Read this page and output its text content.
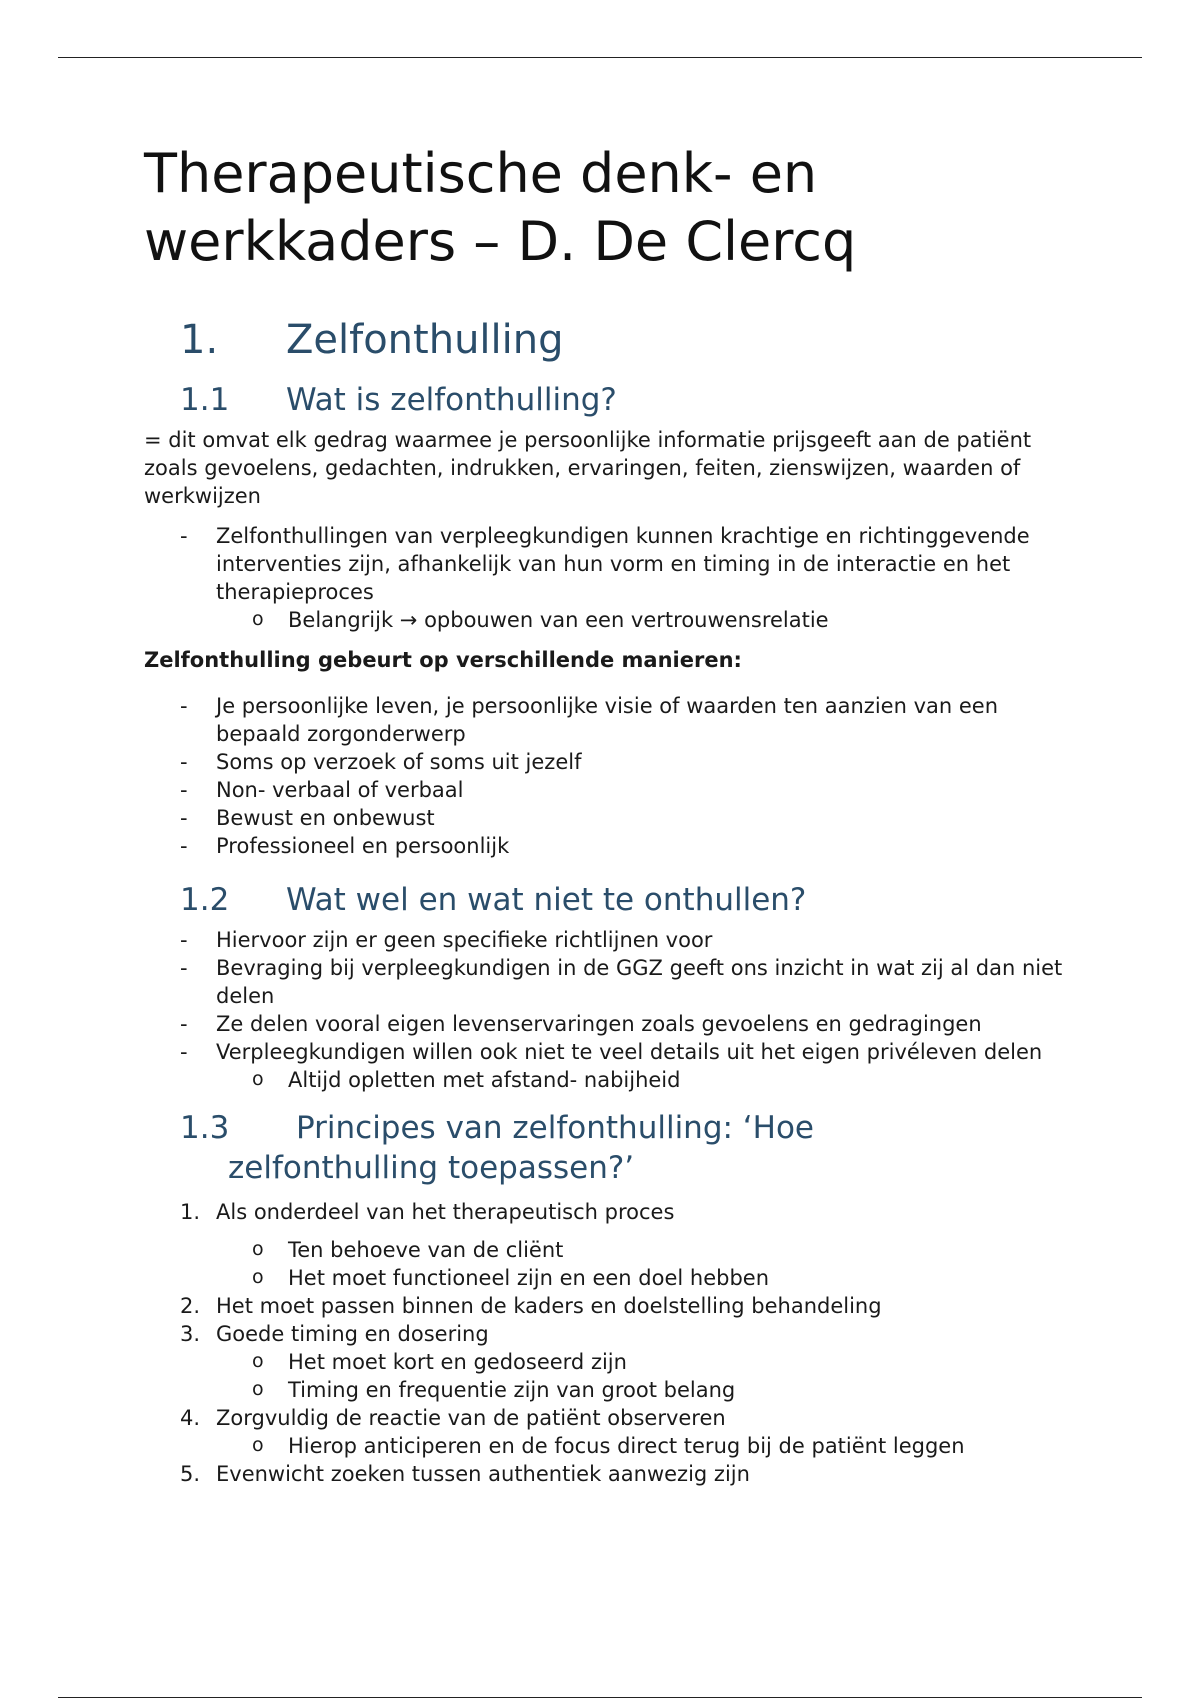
Therapeutische denk- en
werkkaders – D. De Clercq
1.	Zelfonthulling
1.1	Wat is zelfonthulling?

= dit omvat elk gedrag waarmee je persoonlijke informatie prijsgeeft aan de patiënt zoals gevoelens, gedachten, indrukken, ervaringen, feiten, zienswijzen, waarden of werkwijzen

-	Zelfonthullingen van verpleegkundigen kunnen krachtige en richtinggevende interventies zijn, afhankelijk van hun vorm en timing in de interactie en het therapieproces
o Belangrijk → opbouwen van een vertrouwensrelatie

Zelfonthulling gebeurt op verschillende manieren:

-	Je persoonlijke leven, je persoonlijke visie of waarden ten aanzien van een bepaald zorgonderwerp
-	Soms op verzoek of soms uit jezelf
-	Non- verbaal of verbaal
-	Bewust en onbewust
-	Professioneel en persoonlijk
1.2	Wat wel en wat niet te onthullen?
-	Hiervoor zijn er geen specifieke richtlijnen voor
-	Bevraging bij verpleegkundigen in de GGZ geeft ons inzicht in wat zij al dan niet delen
-	Ze delen vooral eigen levenservaringen zoals gevoelens en gedragingen
-	Verpleegkundigen willen ook niet te veel details uit het eigen privéleven delen
o Altijd opletten met afstand- nabijheid
1.3 Principes van zelfonthulling: ‘Hoe
zelfonthulling toepassen?’
1. Als onderdeel van het therapeutisch proces
o Ten behoeve van de cliënt
o Het moet functioneel zijn en een doel hebben
2. Het moet passen binnen de kaders en doelstelling behandeling
3. Goede timing en dosering
o Het moet kort en gedoseerd zijn
o Timing en frequentie zijn van groot belang
4. Zorgvuldig de reactie van de patiënt observeren
o Hierop anticiperen en de focus direct terug bij de patiënt leggen
5. Evenwicht zoeken tussen authentiek aanwezig zijn
